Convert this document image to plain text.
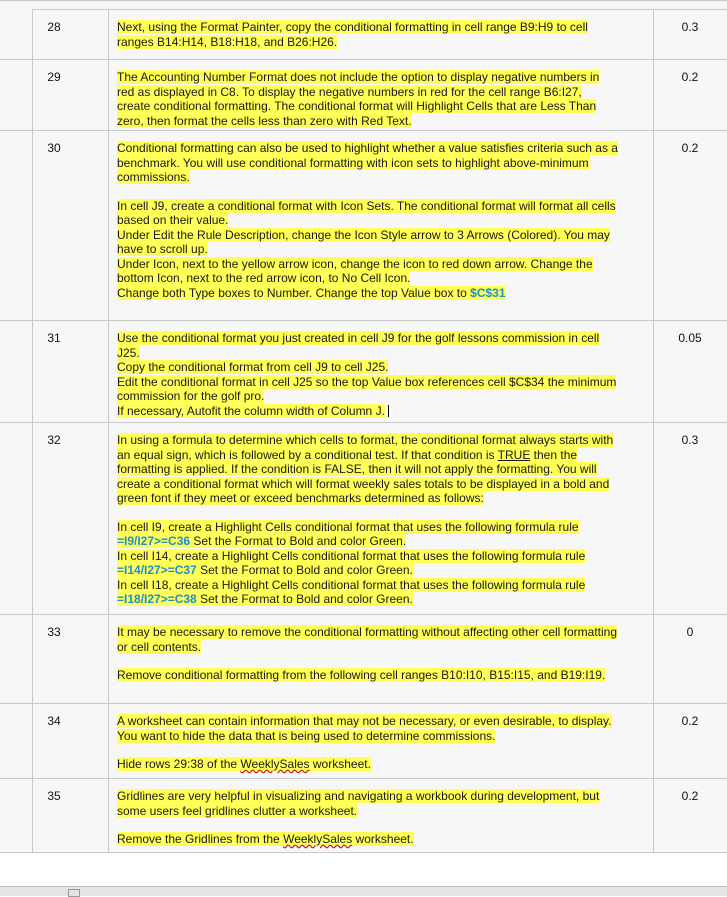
28	Next, using the Format Painter, copy the conditional formatting in cell range B9:H9 to cell

ranges B14:H14, B18:H18, and B26:H26.

0.3
29	The Accounting Number Format does not include the option to display negative numbers in

red as displayed in C8. To display the negative numbers in red for the cell range B6:I27,

create conditional formatting. The conditional format will Highlight Cells that are Less Than

zero, then format the cells less than zero with Red Text.

0.2
30	Conditional formatting can also be used to highlight whether a value satisfies criteria such as a

benchmark. You will use conditional formatting with icon sets to highlight above-minimum

commissions.

In cell J9, create a conditional format with Icon Sets. The conditional format will format all cells

based on their value.

Under Edit the Rule Description, change the Icon Style arrow to 3 Arrows (Colored). You may

have to scroll up.

Under Icon, next to the yellow arrow icon, change the icon to red down arrow. Change the

bottom Icon, next to the red arrow icon, to No Cell Icon.

Change both Type boxes to Number. Change the top Value box to $C$31

0.2
31	Use the conditional format you just created in cell J9 for the golf lessons commission in cell

J25.

Copy the conditional format from cell J9 to cell J25.

Edit the conditional format in cell J25 so the top Value box references cell $C$34 the minimum

commission for the golf pro.

If necessary, Autofit the column width of Column J.

0.05
32	In using a formula to determine which cells to format, the conditional format always starts with

an equal sign, which is followed by a conditional test. If that condition is TRUE then the

formatting is applied. If the condition is FALSE, then it will not apply the formatting. You will

create a conditional format which will format weekly sales totals to be displayed in a bold and

green font if they meet or exceed benchmarks determined as follows:

In cell I9, create a Highlight Cells conditional format that uses the following formula rule

=I9/I27>=C36 Set the Format to Bold and color Green.

In cell I14, create a Highlight Cells conditional format that uses the following formula rule

=I14/I27>=C37 Set the Format to Bold and color Green.

In cell I18, create a Highlight Cells conditional format that uses the following formula rule

=I18/I27>=C38 Set the Format to Bold and color Green.

0.3
33	It may be necessary to remove the conditional formatting without affecting other cell formatting

or cell contents.

Remove conditional formatting from the following cell ranges B10:I10, B15:I15, and B19:I19.

0
34	A worksheet can contain information that may not be necessary, or even desirable, to display.

You want to hide the data that is being used to determine commissions.

Hide rows 29:38 of the WeeklySales worksheet.

0.2
35	Gridlines are very helpful in visualizing and navigating a workbook during development, but

some users feel gridlines clutter a worksheet.

Remove the Gridlines from the WeeklySales worksheet.

0.2
